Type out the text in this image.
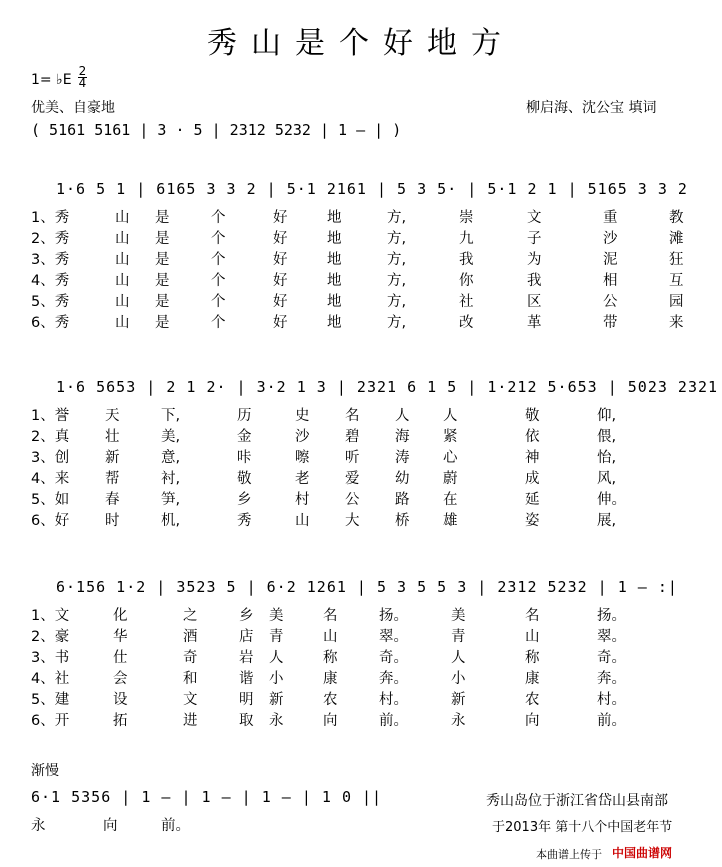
秀山是个好地方
1= ♭E
2
4
优美、自豪地	柳启海、沈公宝 填词
( 5161 5161 | 3 · 5 | 2312 5232 | 1 – | )
1·6 5 1 | 6165 3 3 2 | 5·1 2161 | 5 3 5· | 5·1 2 1 | 5165 3 3 2
1、秀	山 是	个	好	地	方,	崇	文	重	教
2、秀	山 是	个	好	地	方,	九	子	沙	滩
3、秀	山 是	个	好	地	方,	我	为	泥	狂
4、秀	山 是	个	好	地	方,	你	我	相	互
5、秀	山 是	个	好	地	方,	社	区	公	园
6、秀	山 是	个	好	地	方,	改	革	带	来
1·6 5653 | 2 1 2· | 3·2 1 3 | 2321 6 1 5 | 1·212 5·653 | 5023 2321
1、誉 天	下,	历	史 名 人 人	敬	仰,
2、真 壮	美,	金	沙 碧 海 紧	依	偎,
3、创 新	意,	咔	嚓 听 涛 心	神	怡,
4、来 帮	衬,	敬	老 爱 幼 蔚	成	风,
5、如 春	笋,	乡	村 公 路 在	延	伸。
6、好 时	机,	秀	山 大 桥 雄	姿	展,
6·156 1·2 | 3523 5 | 6·2 1261 | 5 3 5 5 3 | 2312 5232 | 1 – :|
1、文	化	之	乡 美	名	扬。	美	名	扬。
2、豪	华	酒	店 青	山	翠。	青	山	翠。
3、书	仕	奇	岩 人	称	奇。	人	称	奇。
4、社	会	和	谐 小	康	奔。	小	康	奔。
5、建	设	文	明 新	农	村。	新	农	村。
6、开	拓	进	取 永	向	前。	永	向	前。
渐慢
6·1 5356 | 1 – | 1 – | 1 – | 1 0 ||
永	向	前。
秀山岛位于浙江省岱山县南部
于2013年 第十八个中国老年节
本曲谱上传于 中国曲谱网
